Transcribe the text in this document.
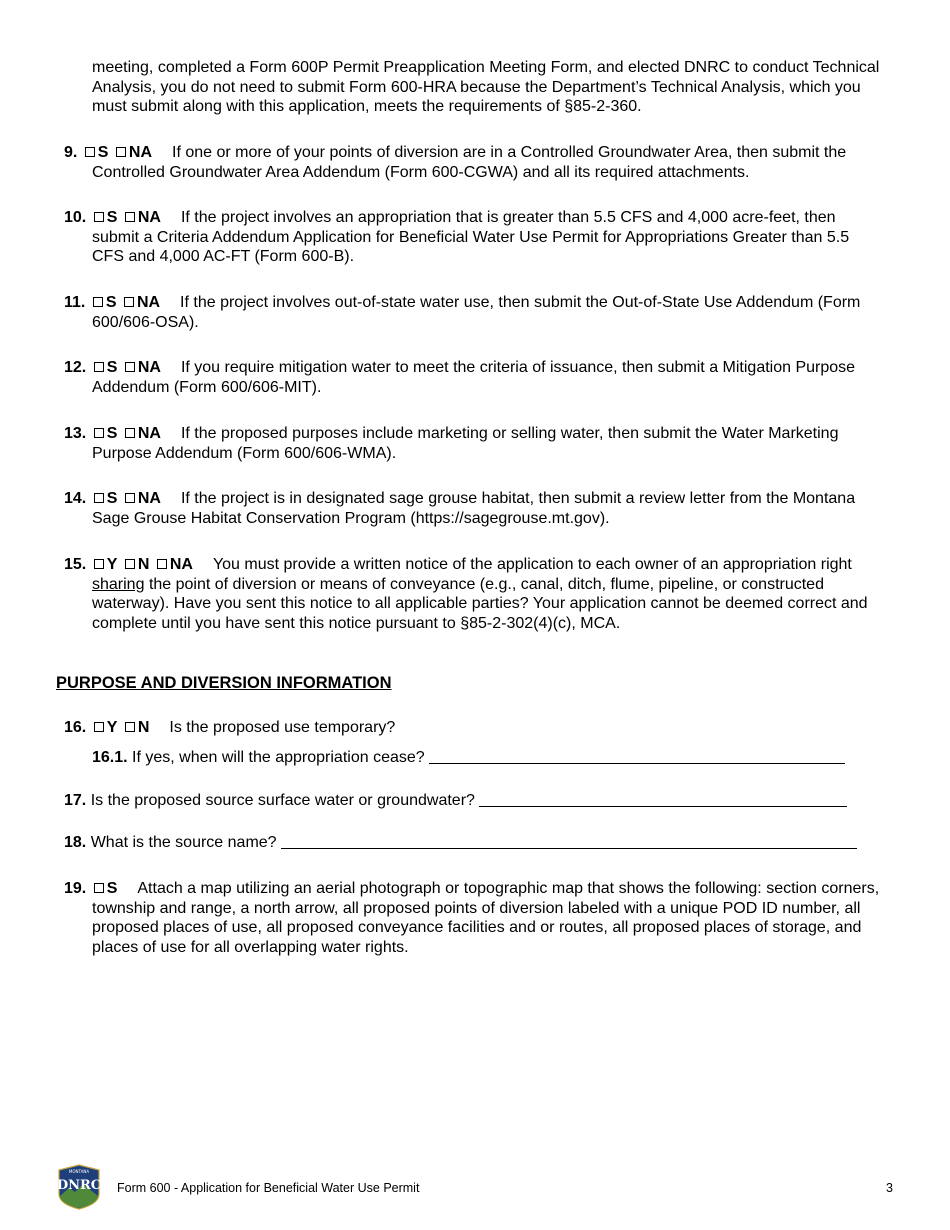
meeting, completed a Form 600P Permit Preapplication Meeting Form, and elected DNRC to conduct Technical Analysis, you do not need to submit Form 600-HRA because the Department’s Technical Analysis, which you must submit along with this application, meets the requirements of §85-2-360.

9. S NA If one or more of your points of diversion are in a Controlled Groundwater Area, then submit the Controlled Groundwater Area Addendum (Form 600-CGWA) and all its required attachments.

10. S NA If the project involves an appropriation that is greater than 5.5 CFS and 4,000 acre-feet, then submit a Criteria Addendum Application for Beneficial Water Use Permit for Appropriations Greater than 5.5 CFS and 4,000 AC-FT (Form 600-B).

11. S NA If the project involves out-of-state water use, then submit the Out-of-State Use Addendum (Form 600/606-OSA).

12. S NA If you require mitigation water to meet the criteria of issuance, then submit a Mitigation Purpose Addendum (Form 600/606-MIT).

13. S NA If the proposed purposes include marketing or selling water, then submit the Water Marketing Purpose Addendum (Form 600/606-WMA).

14. S NA If the project is in designated sage grouse habitat, then submit a review letter from the Montana Sage Grouse Habitat Conservation Program (https://sagegrouse.mt.gov).

15. Y N NA You must provide a written notice of the application to each owner of an appropriation right sharing the point of diversion or means of conveyance (e.g., canal, ditch, flume, pipeline, or constructed waterway). Have you sent this notice to all applicable parties? Your application cannot be deemed correct and complete until you have sent this notice pursuant to §85-2-302(4)(c), MCA.

PURPOSE AND DIVERSION INFORMATION

16. Y N Is the proposed use temporary?

16.1. If yes, when will the appropriation cease?
17. Is the proposed source surface water or groundwater?
18. What is the source name?

19. S Attach a map utilizing an aerial photograph or topographic map that shows the following: section corners, township and range, a north arrow, all proposed points of diversion labeled with a unique POD ID number, all proposed places of use, all proposed conveyance facilities and or routes, all proposed places of storage, and places of use for all overlapping water rights.

MONTANA
DNRC Form 600 - Application for Beneficial Water Use Permit	3
